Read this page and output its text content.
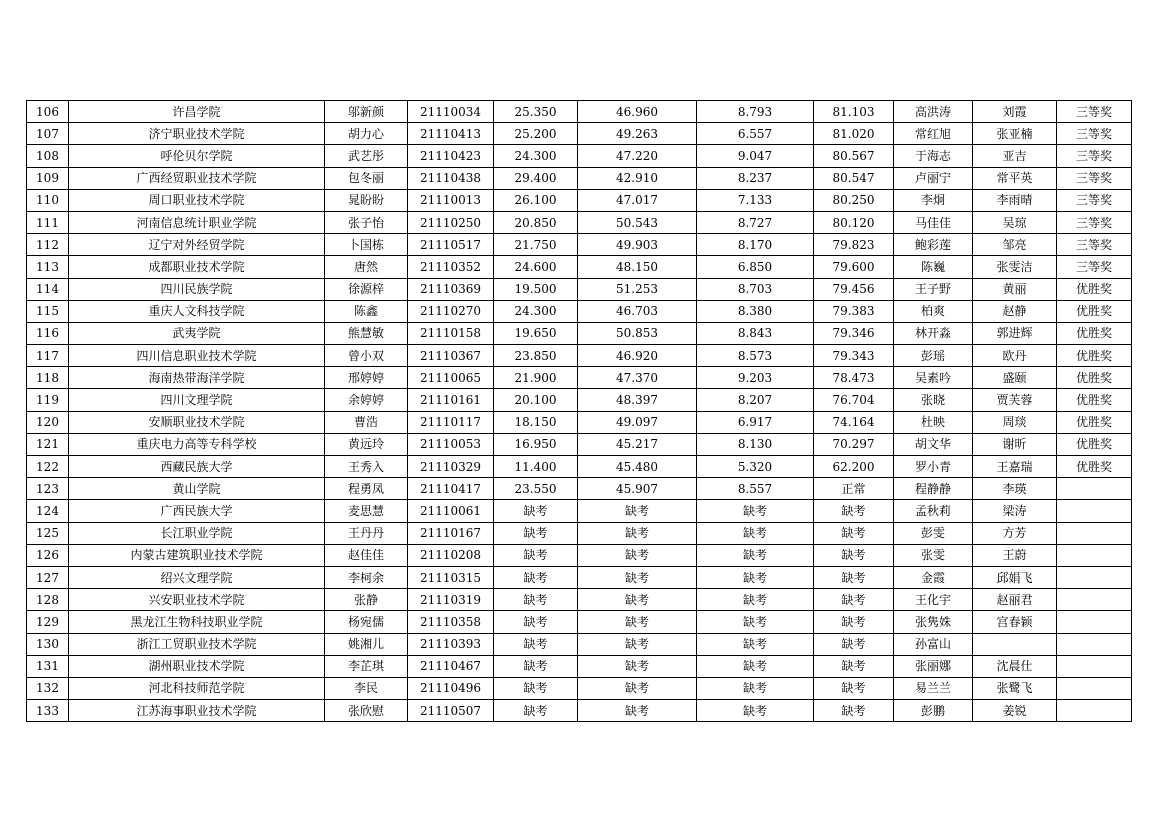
106	许昌学院	邬新颜	21110034	25.350	46.960	8.793	81.103	高洪涛	刘霞	三等奖
107	济宁职业技术学院	胡力心	21110413	25.200	49.263	6.557	81.020	常红旭	张亚楠	三等奖
108	呼伦贝尔学院	武艺彤	21110423	24.300	47.220	9.047	80.567	于海志	亚吉	三等奖
109	广西经贸职业技术学院	包冬丽	21110438	29.400	42.910	8.237	80.547	卢丽宁	常平英	三等奖
110	周口职业技术学院	晁盼盼	21110013	26.100	47.017	7.133	80.250	李炯	李雨晴	三等奖
111	河南信息统计职业学院	张子怡	21110250	20.850	50.543	8.727	80.120	马佳佳	吴琼	三等奖
112	辽宁对外经贸学院	卜国栋	21110517	21.750	49.903	8.170	79.823	鲍彩莲	邹亮	三等奖
113	成都职业技术学院	唐然	21110352	24.600	48.150	6.850	79.600	陈巍	张雯洁	三等奖
114	四川民族学院	徐源梓	21110369	19.500	51.253	8.703	79.456	王子野	黄丽	优胜奖
115	重庆人文科技学院	陈鑫	21110270	24.300	46.703	8.380	79.383	柏爽	赵静	优胜奖
116	武夷学院	熊慧敏	21110158	19.650	50.853	8.843	79.346	林开淼	郭进辉	优胜奖
117	四川信息职业技术学院	曾小双	21110367	23.850	46.920	8.573	79.343	彭瑶	欧丹	优胜奖
118	海南热带海洋学院	邢婷婷	21110065	21.900	47.370	9.203	78.473	吴素吟	盛颐	优胜奖
119	四川文理学院	余婷婷	21110161	20.100	48.397	8.207	76.704	张晓	贾芙蓉	优胜奖
120	安顺职业技术学院	曹浩	21110117	18.150	49.097	6.917	74.164	杜映	周琰	优胜奖
121	重庆电力高等专科学校	黄远玲	21110053	16.950	45.217	8.130	70.297	胡文华	谢昕	优胜奖
122	西藏民族大学	王秀入	21110329	11.400	45.480	5.320	62.200	罗小青	王嘉瑞	优胜奖
123	黄山学院	程勇凤	21110417	23.550	45.907	8.557	正常	程静静	李瑛	
124	广西民族大学	麦思慧	21110061	缺考	缺考	缺考	缺考	孟秋莉	梁涛	
125	长江职业学院	王丹丹	21110167	缺考	缺考	缺考	缺考	彭雯	方芳	
126	内蒙古建筑职业技术学院	赵佳佳	21110208	缺考	缺考	缺考	缺考	张雯	王蔚	
127	绍兴文理学院	李柯余	21110315	缺考	缺考	缺考	缺考	金霞	邱娟飞	
128	兴安职业技术学院	张静	21110319	缺考	缺考	缺考	缺考	王化宇	赵丽君	
129	黑龙江生物科技职业学院	杨宛儒	21110358	缺考	缺考	缺考	缺考	张隽姝	宫春颖	
130	浙江工贸职业技术学院	姚湘儿	21110393	缺考	缺考	缺考	缺考	孙富山		
131	湖州职业技术学院	李芷琪	21110467	缺考	缺考	缺考	缺考	张丽娜	沈晨仕	
132	河北科技师范学院	李民	21110496	缺考	缺考	缺考	缺考	易兰兰	张鹭飞	
133	江苏海事职业技术学院	张欣慰	21110507	缺考	缺考	缺考	缺考	彭鹏	姜锐	
